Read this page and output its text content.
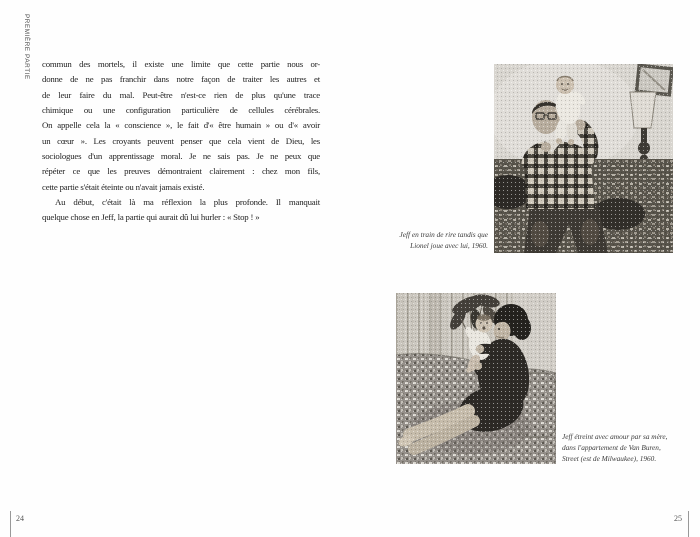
PREMIÈRE PARTIE commun des mortels, il existe une limite que cette partie nous or-
donne de ne pas franchir dans notre façon de traiter les autres et
de leur faire du mal. Peut-être n'est-ce rien de plus qu'une trace
chimique ou une configuration particulière de cellules cérébrales.
On appelle cela la « conscience », le fait d'« être humain » ou d'« avoir
un cœur ». Les croyants peuvent penser que cela vient de Dieu, les
sociologues d'un apprentissage moral. Je ne sais pas. Je ne peux que
répéter ce que les preuves démontraient clairement : chez mon fils,
cette partie s'était éteinte ou n'avait jamais existé.
Au début, c'était là ma réflexion la plus profonde. Il manquait
quelque chose en Jeff, la partie qui aurait dû lui hurler : « Stop ! »
Jeff en train de rire tandis que
Lionel joue avec lui, 1960.
Jeff étreint avec amour par sa mère,
dans l'appartement de Van Buren,
Street (est de Milwaukee), 1960.
24	25
